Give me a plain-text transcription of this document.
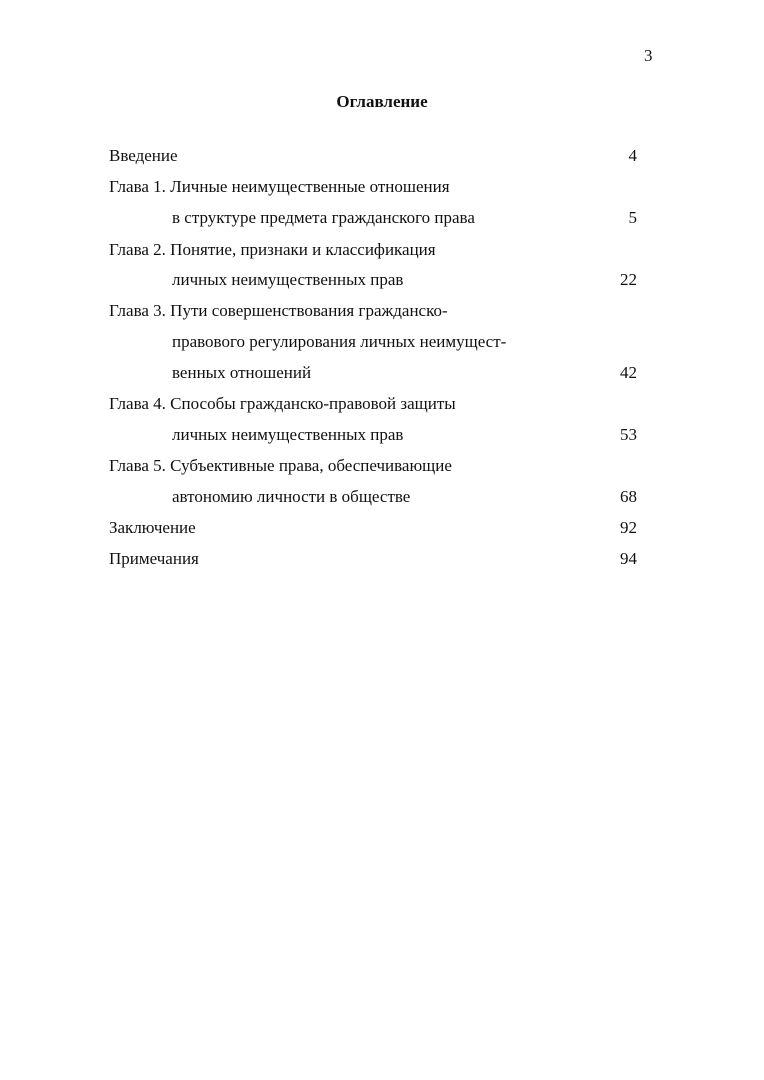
3
Оглавление
Введение	4
Глава 1. Личные неимущественные отношения
в структуре предмета гражданского права	5
Глава 2. Понятие, признаки и классификация
личных неимущественных прав	22
Глава 3. Пути совершенствования гражданско-
правового регулирования личных неимущест-
венных отношений	42
Глава 4. Способы гражданско-правовой защиты
личных неимущественных прав	53
Глава 5. Субъективные права, обеспечивающие
автономию личности в обществе	68
Заключение	92
Примечания	94
